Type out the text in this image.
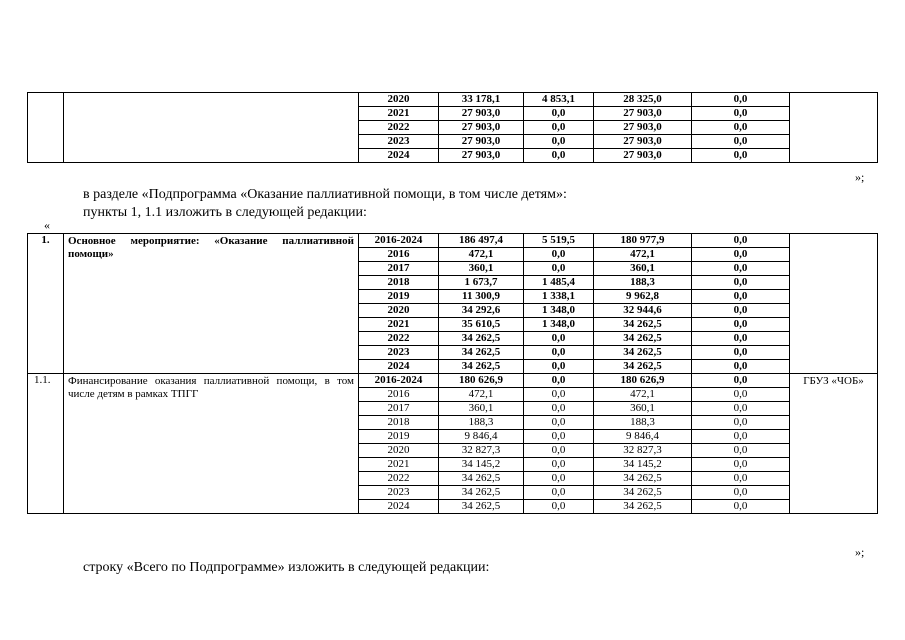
		2020	33 178,1	4 853,1	28 325,0	0,0	
		2021	27 903,0	0,0	27 903,0	0,0	
		2022	27 903,0	0,0	27 903,0	0,0	
		2023	27 903,0	0,0	27 903,0	0,0	
		2024	27 903,0	0,0	27 903,0	0,0	
»;
в разделе «Подпрограмма «Оказание паллиативной помощи, в том числе детям»:
пункты 1, 1.1 изложить в следующей редакции:
«
1.	Основное мероприятие: «Оказание паллиативной помощи»	2016-2024	186 497,4	5 519,5	180 977,9	0,0	
		2016	472,1	0,0	472,1	0,0	
		2017	360,1	0,0	360,1	0,0	
		2018	1 673,7	1 485,4	188,3	0,0	
		2019	11 300,9	1 338,1	9 962,8	0,0	
		2020	34 292,6	1 348,0	32 944,6	0,0	
		2021	35 610,5	1 348,0	34 262,5	0,0	
		2022	34 262,5	0,0	34 262,5	0,0	
		2023	34 262,5	0,0	34 262,5	0,0	
		2024	34 262,5	0,0	34 262,5	0,0	
1.1.	Финансирование оказания паллиативной помощи, в том числе детям в рамках ТПГГ	2016-2024	180 626,9	0,0	180 626,9	0,0	ГБУЗ «ЧОБ»
		2016	472,1	0,0	472,1	0,0	
		2017	360,1	0,0	360,1	0,0	
		2018	188,3	0,0	188,3	0,0	
		2019	9 846,4	0,0	9 846,4	0,0	
		2020	32 827,3	0,0	32 827,3	0,0	
		2021	34 145,2	0,0	34 145,2	0,0	
		2022	34 262,5	0,0	34 262,5	0,0	
		2023	34 262,5	0,0	34 262,5	0,0	
		2024	34 262,5	0,0	34 262,5	0,0	
»;
строку «Всего по Подпрограмме» изложить в следующей редакции:
